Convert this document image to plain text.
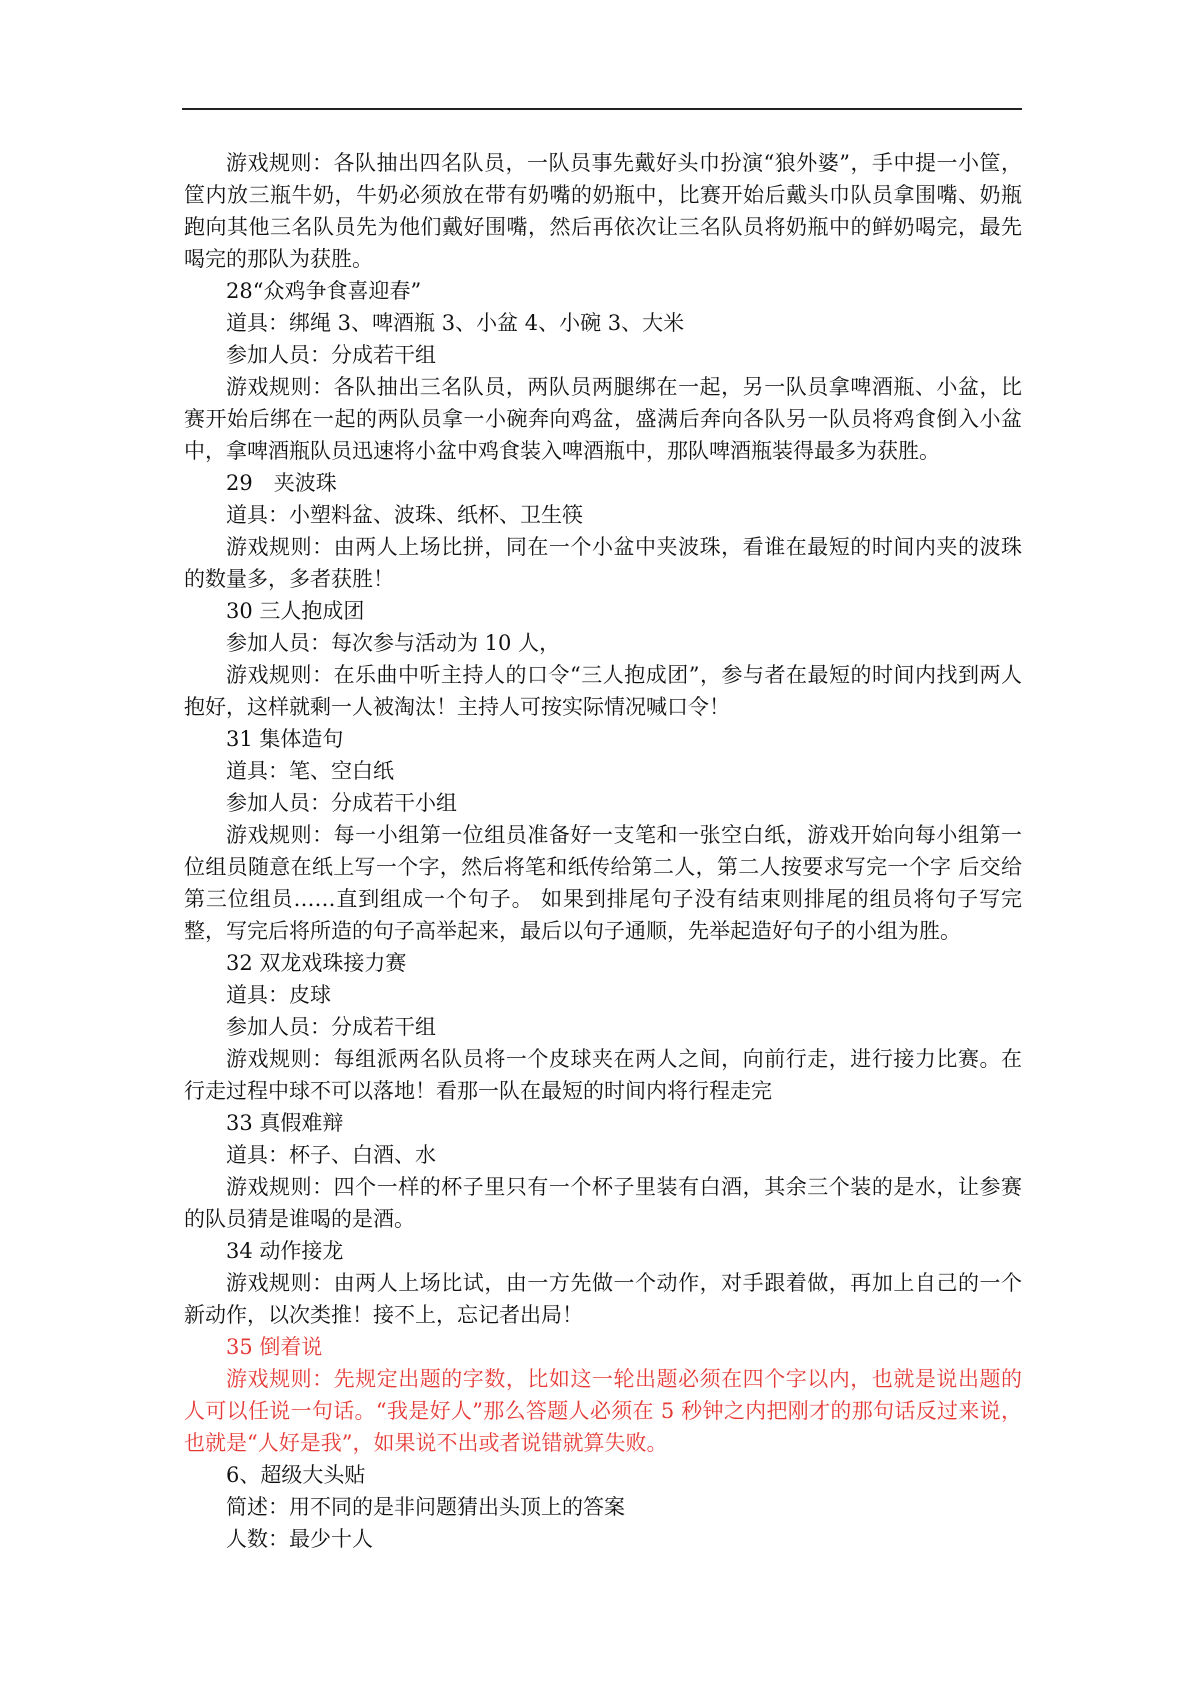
游戏规则：各队抽出四名队员，一队员事先戴好头巾扮演“狼外婆”，手中提一小筐，筐内放三瓶牛奶，牛奶必须放在带有奶嘴的奶瓶中，比赛开始后戴头巾队员拿围嘴、奶瓶跑向其他三名队员先为他们戴好围嘴，然后再依次让三名队员将奶瓶中的鲜奶喝完，最先喝完的那队为获胜。

28“众鸡争食喜迎春”

道具：绑绳 3、啤酒瓶 3、小盆 4、小碗 3、大米

参加人员：分成若干组

游戏规则：各队抽出三名队员，两队员两腿绑在一起，另一队员拿啤酒瓶、小盆，比赛开始后绑在一起的两队员拿一小碗奔向鸡盆，盛满后奔向各队另一队员将鸡食倒入小盆中，拿啤酒瓶队员迅速将小盆中鸡食装入啤酒瓶中，那队啤酒瓶装得最多为获胜。

29　夹波珠

道具：小塑料盆、波珠、纸杯、卫生筷

游戏规则：由两人上场比拼，同在一个小盆中夹波珠，看谁在最短的时间内夹的波珠的数量多，多者获胜！

30 三人抱成团

参加人员：每次参与活动为 10 人，

游戏规则：在乐曲中听主持人的口令“三人抱成团”，参与者在最短的时间内找到两人抱好，这样就剩一人被淘汰！主持人可按实际情况喊口令！

31 集体造句

道具：笔、空白纸

参加人员：分成若干小组

游戏规则：每一小组第一位组员准备好一支笔和一张空白纸，游戏开始向每小组第一位组员随意在纸上写一个字，然后将笔和纸传给第二人，第二人按要求写完一个字 后交给第三位组员……直到组成一个句子。 如果到排尾句子没有结束则排尾的组员将句子写完整，写完后将所造的句子高举起来，最后以句子通顺，先举起造好句子的小组为胜。

32 双龙戏珠接力赛

道具：皮球

参加人员：分成若干组

游戏规则：每组派两名队员将一个皮球夹在两人之间，向前行走，进行接力比赛。在行走过程中球不可以落地！看那一队在最短的时间内将行程走完

33 真假难辩

道具：杯子、白酒、水

游戏规则：四个一样的杯子里只有一个杯子里装有白酒，其余三个装的是水，让参赛的队员猜是谁喝的是酒。

34 动作接龙

游戏规则：由两人上场比试，由一方先做一个动作，对手跟着做，再加上自己的一个新动作，以次类推！接不上，忘记者出局！

35 倒着说

游戏规则：先规定出题的字数，比如这一轮出题必须在四个字以内，也就是说出题的人可以任说一句话。“我是好人”那么答题人必须在 5 秒钟之内把刚才的那句话反过来说，也就是“人好是我”，如果说不出或者说错就算失败。

6、超级大头贴

简述：用不同的是非问题猜出头顶上的答案

人数：最少十人
